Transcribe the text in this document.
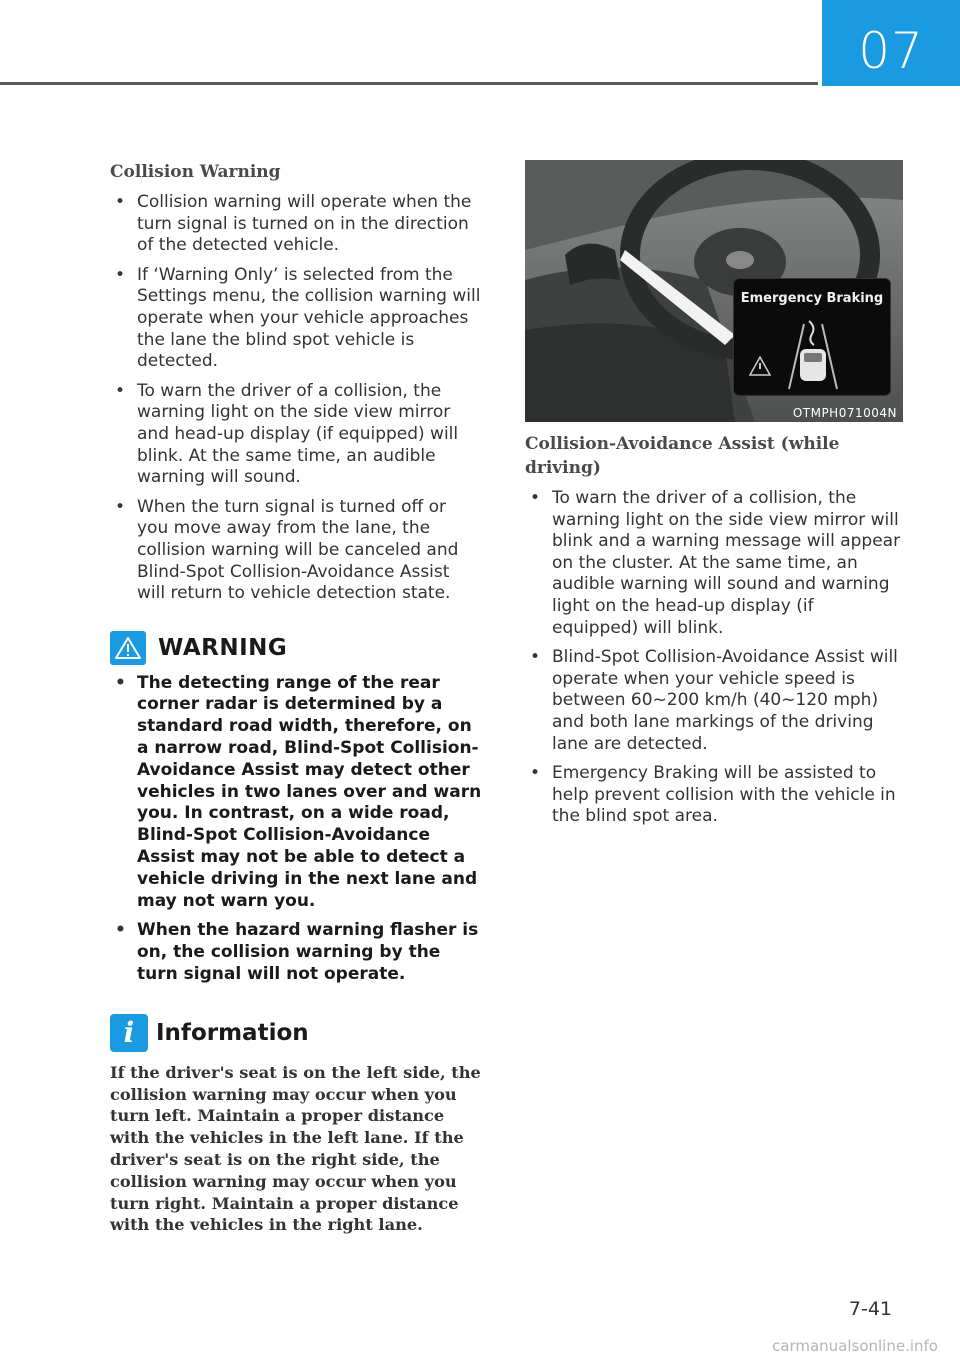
07
Collision Warning
• Collision warning will operate when the turn signal is turned on in the direction of the detected vehicle.
• If ‘Warning Only’ is selected from the Settings menu, the collision warning will operate when your vehicle approaches the lane the blind spot vehicle is detected.
• To warn the driver of a collision, the warning light on the side view mirror and head-up display (if equipped) will blink. At the same time, an audible warning will sound.
• When the turn signal is turned off or you move away from the lane, the collision warning will be canceled and Blind-Spot Collision-Avoidance Assist will return to vehicle detection state.
WARNING
• The detecting range of the rear corner radar is determined by a standard road width, therefore, on a narrow road, Blind-Spot Collision-Avoidance Assist may detect other vehicles in two lanes over and warn you. In contrast, on a wide road, Blind-Spot Collision-Avoidance Assist may not be able to detect a vehicle driving in the next lane and may not warn you.
• When the hazard warning flasher is on, the collision warning by the turn signal will not operate.
i Information
If the driver's seat is on the left side, the collision warning may occur when you turn left. Maintain a proper distance with the vehicles in the left lane. If the driver's seat is on the right side, the collision warning may occur when you turn right. Maintain a proper distance with the vehicles in the right lane.
Emergency Braking
OTMPH071004N
Collision-Avoidance Assist (while driving)
• To warn the driver of a collision, the warning light on the side view mirror will blink and a warning message will appear on the cluster. At the same time, an audible warning will sound and warning light on the head-up display (if equipped) will blink.
• Blind-Spot Collision-Avoidance Assist will operate when your vehicle speed is between 60~200 km/h (40~120 mph) and both lane markings of the driving lane are detected.
• Emergency Braking will be assisted to help prevent collision with the vehicle in the blind spot area.
7-41
carmanualsonline.info
